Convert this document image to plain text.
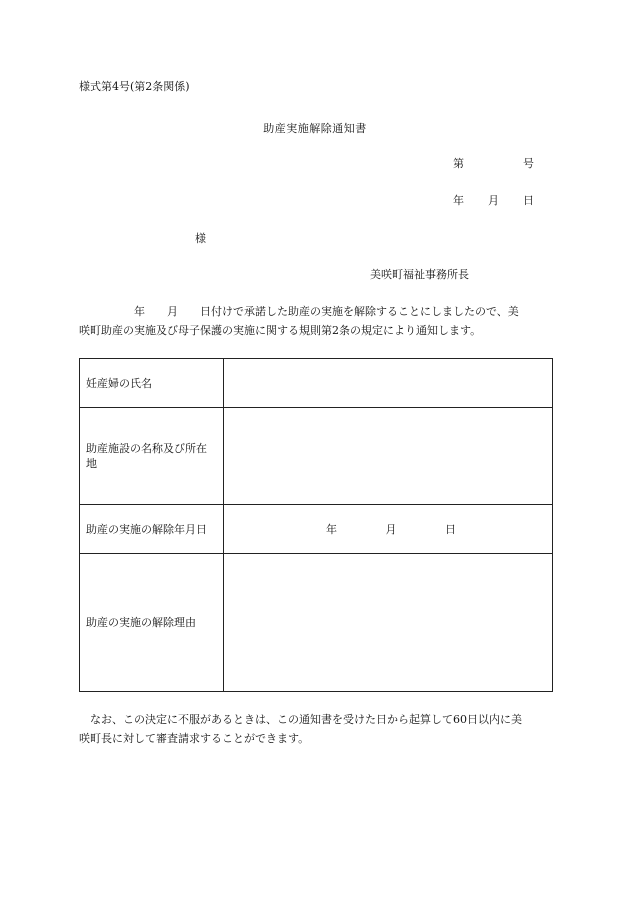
様式第4号(第2条関係)
助産実施解除通知書
第	号
年 月 日
様
美咲町福祉事務所長
　　　　　年　　月　　日付けで承諾した助産の実施を解除することにしましたので、美
咲町助産の実施及び母子保護の実施に関する規則第2条の規定により通知します。
妊産婦の氏名	
助産施設の名称及び所在地	
助産の実施の解除年月日	年 月 日

助産の実施の解除理由	
　なお、この決定に不服があるときは、この通知書を受けた日から起算して60日以内に美
咲町長に対して審査請求することができます。
